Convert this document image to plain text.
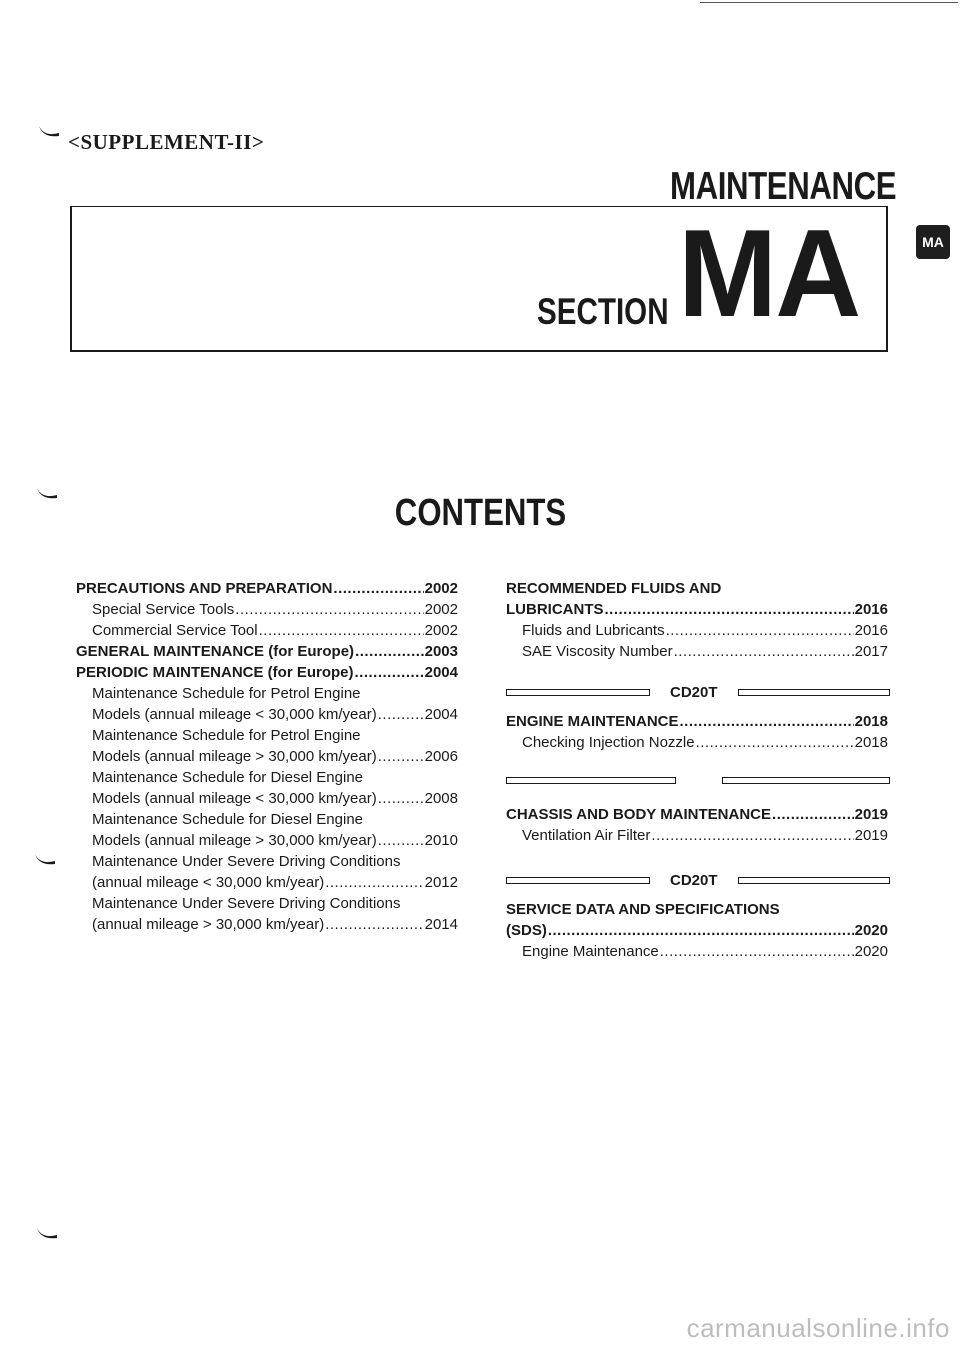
<SUPPLEMENT-II>
MAINTENANCE
SECTION MA	MA
CONTENTS
PRECAUTIONS AND PREPARATION .....	2002
Special Service Tools .....	2002
Commercial Service Tool .....	2002
GENERAL MAINTENANCE (for Europe) .....	2003
PERIODIC MAINTENANCE (for Europe) .....	2004
Maintenance Schedule for Petrol Engine
Models (annual mileage < 30,000 km/year) .....	2004
Maintenance Schedule for Petrol Engine
Models (annual mileage > 30,000 km/year) .....	2006
Maintenance Schedule for Diesel Engine
Models (annual mileage < 30,000 km/year) .....	2008
Maintenance Schedule for Diesel Engine
Models (annual mileage > 30,000 km/year) .....	2010
Maintenance Under Severe Driving Conditions
(annual mileage < 30,000 km/year) .....	2012
Maintenance Under Severe Driving Conditions
(annual mileage > 30,000 km/year) .....	2014
RECOMMENDED FLUIDS AND
LUBRICANTS .....	2016
Fluids and Lubricants .....	2016
SAE Viscosity Number .....	2017
CD20T
ENGINE MAINTENANCE .....	2018
Checking Injection Nozzle .....	2018
CHASSIS AND BODY MAINTENANCE .....	2019
Ventilation Air Filter .....	2019
CD20T
SERVICE DATA AND SPECIFICATIONS
(SDS) .....	2020
Engine Maintenance .....	2020
carmanualsonline.info
